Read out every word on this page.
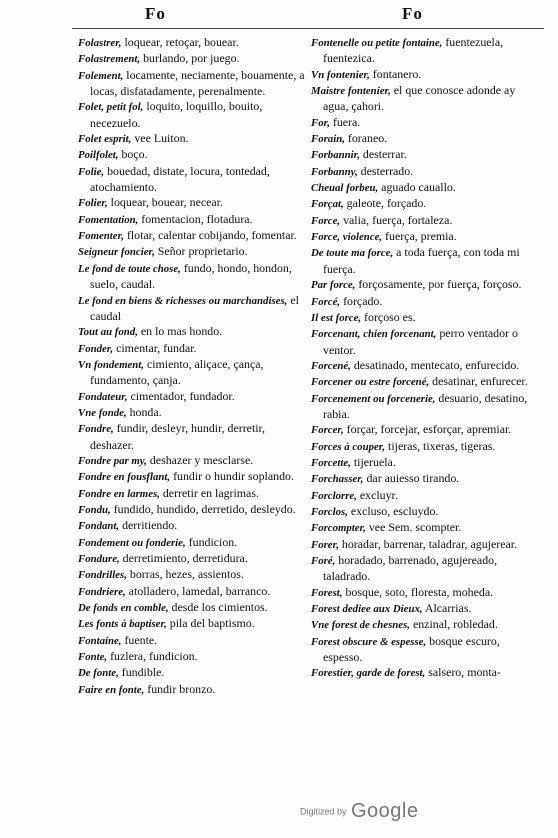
Fo	Fo

Folastrer, loquear, retoçar, bouear.

Folastrement, burlando, por juego.

Folement, locamente, neciamente, bouamente, a locas, disfatadamente, perenalmente.

Folet, petit fol, loquito, loquillo, bouito, necezuelo.

Folet esprit, vee Luiton.

Poilfolet, boço.

Folie, bouedad, distate, locura, tontedad, atochamiento.

Folier, loquear, bouear, necear.

Fomentation, fomentacion, flotadura.

Fomenter, flotar, calentar cobijando, fomentar.

Seigneur foncier, Señor proprietario.

Le fond de toute chose, fundo, hondo, hondon, suelo, caudal.

Le fond en biens & richesses ou marchandises, el caudal

Tout au fond, en lo mas hondo.

Fonder, cimentar, fundar.

Vn fondement, cimiento, aliçace, çança, fundamento, çanja.

Fondateur, cimentador, fundador.

Vne fonde, honda.

Fondre, fundir, desleyr, hundir, derretir, deshazer.

Fondre par my, deshazer y mesclarse.

Fondre en fousflant, fundir o hundir soplando.

Fondre en larmes, derretir en lagrimas.

Fondu, fundido, hundido, derretido, desleydo.

Fondant, derritiendo.

Fondement ou fonderie, fundicion.

Fondure, derretimiento, derretidura.

Fondrilles, borras, hezes, assientos.

Fondriere, atolladero, lamedal, barranco.

De fonds en comble, desde los cimientos.

Les fonts à baptiser, pila del baptismo.

Fontaine, fuente.

Fonte, fuzlera, fundicion.

De fonte, fundible.

Faire en fonte, fundir bronzo.

Fontenelle ou petite fontaine, fuentezuela, fuentezica.

Vn fontenier, fontanero.

Maistre fontenier, el que conosce adonde ay agua, çahori.

For, fuera.

Forain, foraneo.

Forbannir, desterrar.

Forbanny, desterrado.

Cheual forbeu, aguado cauallo.

Forçat, galeote, forçado.

Force, valia, fuerça, fortaleza.

Force, violence, fuerça, premia.

De toute ma force, a toda fuerça, con toda mi fuerça.

Par force, forçosamente, por fuerça, forçoso.

Forcé, forçado.

Il est force, forçoso es.

Forcenant, chien forcenant, perro ventador o ventor.

Forcené, desatinado, mentecato, enfurecido.

Forcener ou estre forcené, desatinar, enfurecer.

Forcenement ou forcenerie, desuario, desatino, rabia.

Forcer, forçar, forcejar, esforçar, apremiar.

Forces à couper, tijeras, tixeras, tigeras.

Forcette, tijeruela.

Forchasser, dar auiesso tirando.

Forclorre, excluyr.

Forclos, excluso, escluydo.

Forcompter, vee Sem. scompter.

Forer, horadar, barrenar, taladrar, agujerear.

Foré, horadado, barrenado, agujereado, taladrado.

Forest, bosque, soto, floresta, moheda.

Forest dediee aux Dieux, Alcarrias.

Vne forest de chesnes, enzinal, robledad.

Forest obscure & espesse, bosque escuro, espesso.

Forestier, garde de forest, salsero, monta-

Digitized by Google
